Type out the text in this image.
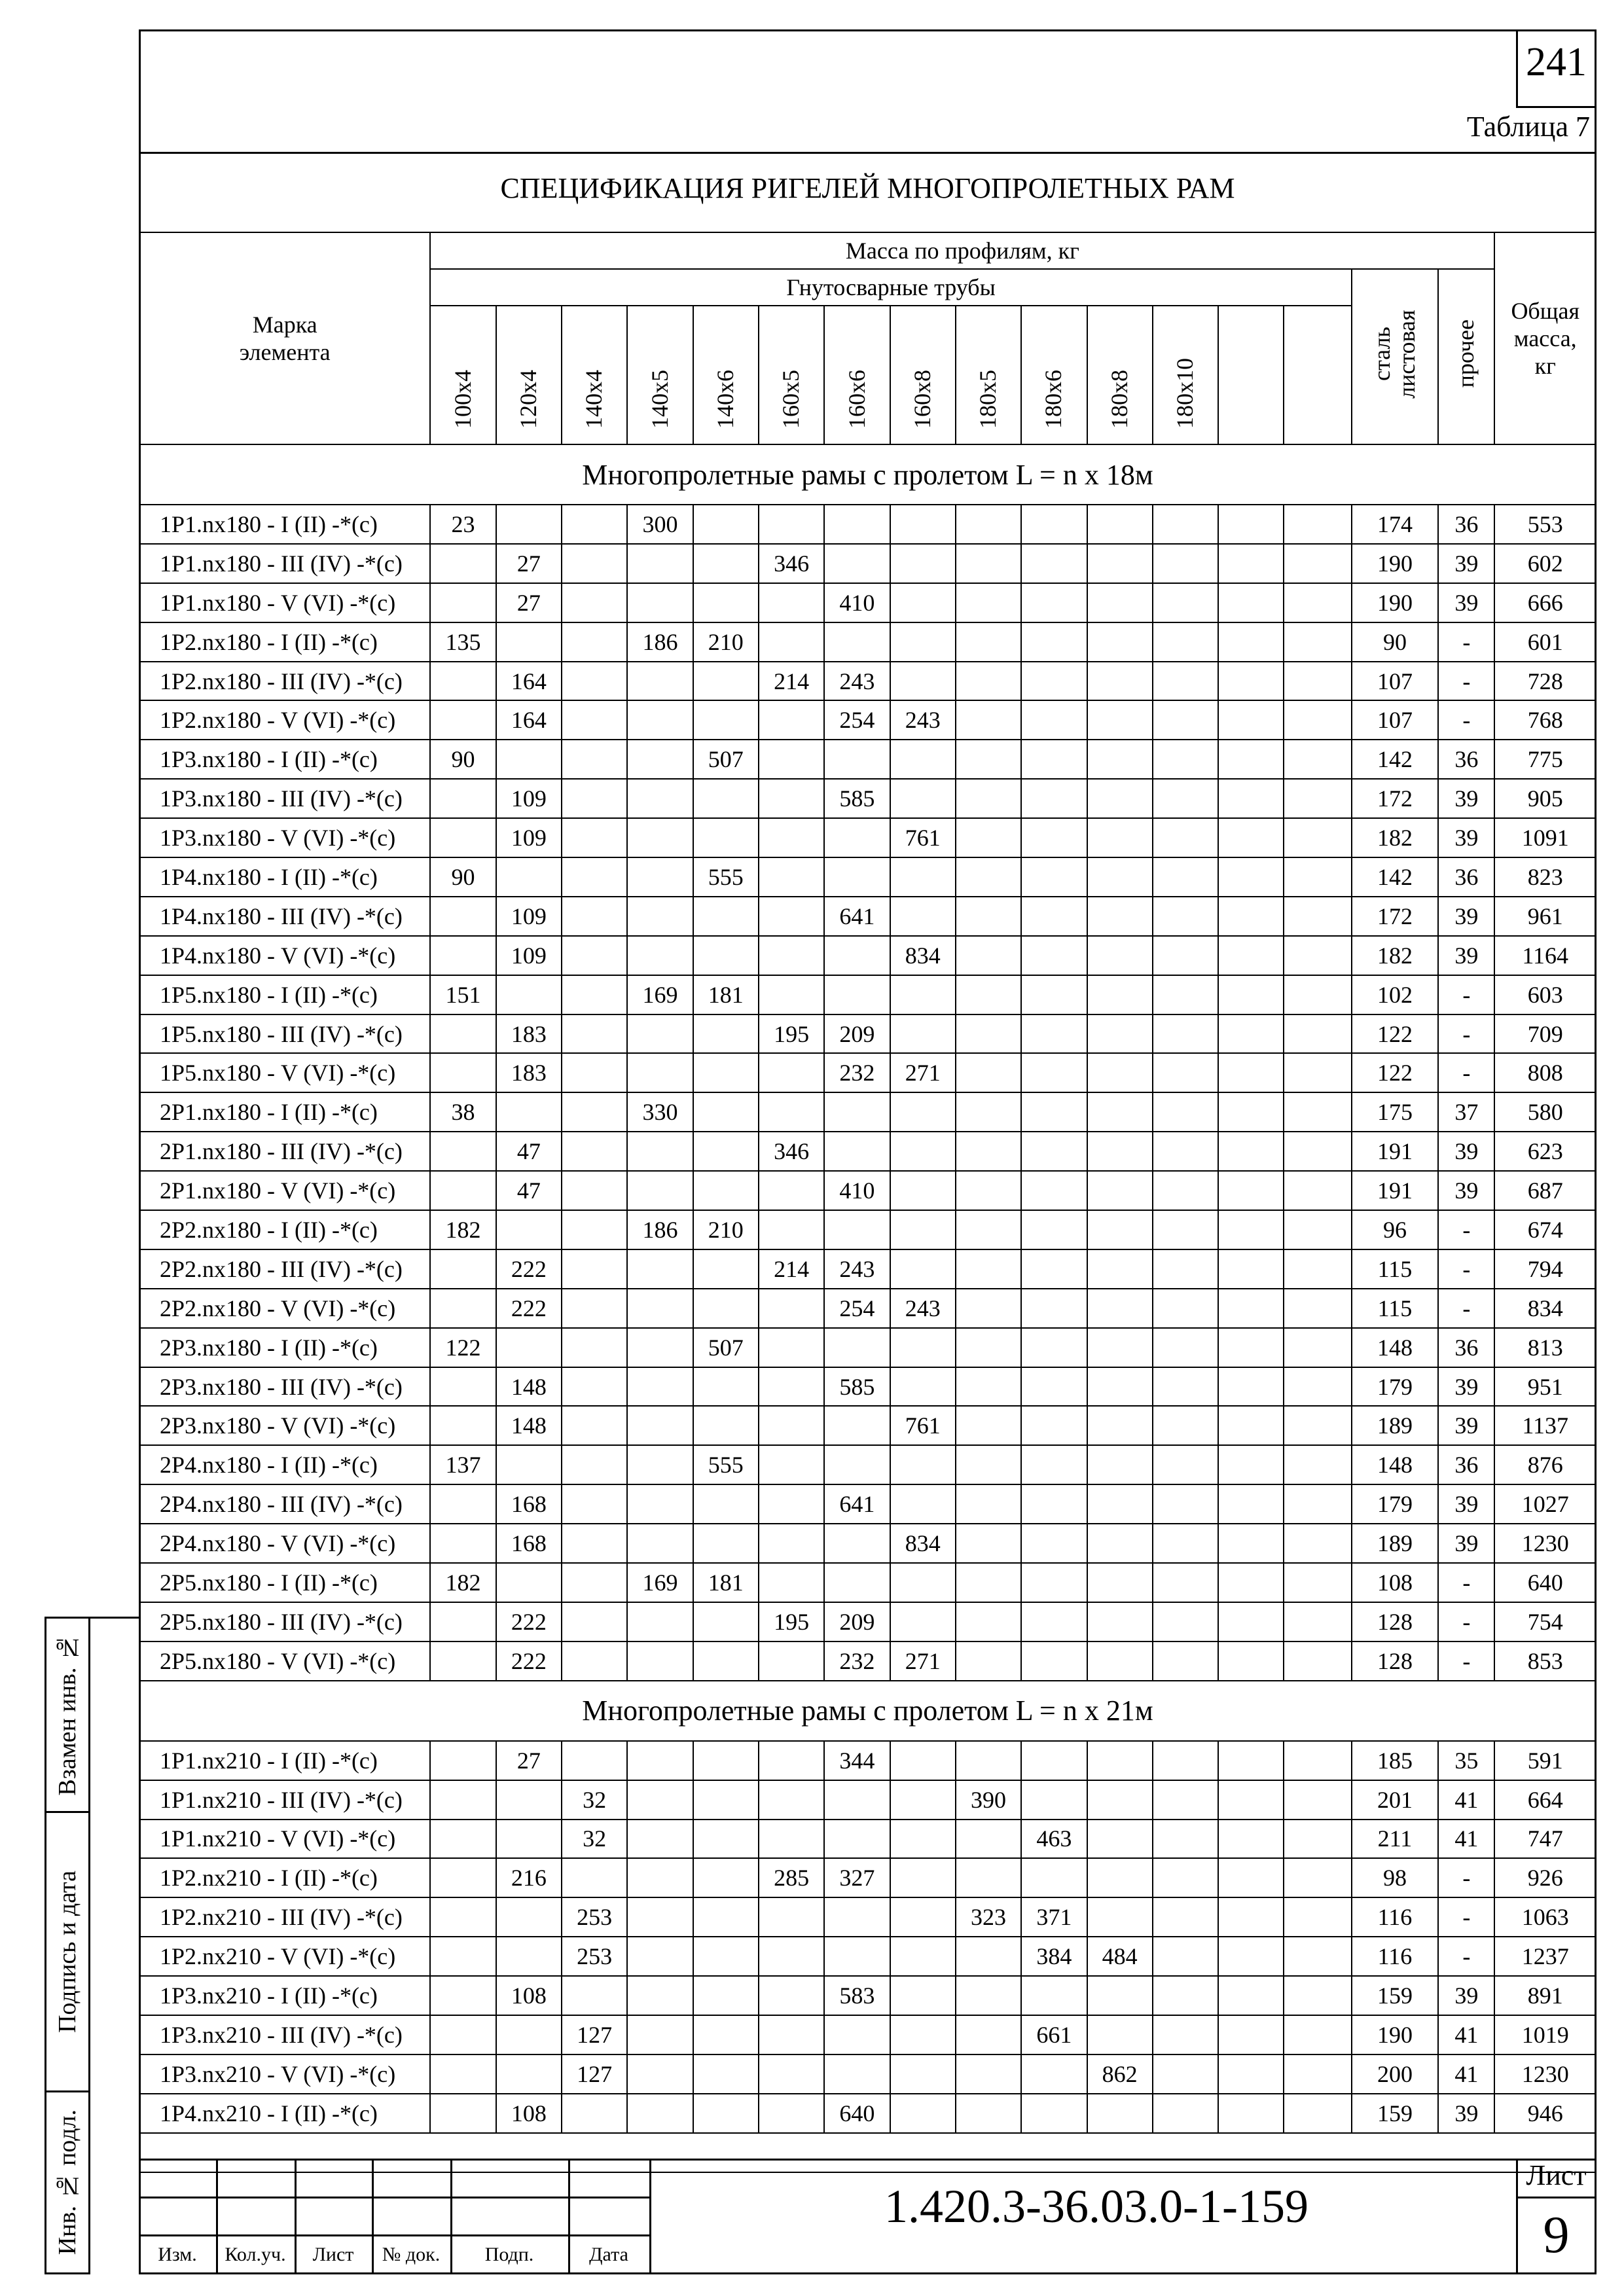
241
Таблица 7
СПЕЦИФИКАЦИЯ РИГЕЛЕЙ МНОГОПРОЛЕТНЫХ РАМ
Марка элемента	Масса по профилям, кг																Общая масса, кг
	Гнутосварные трубы														сталь листовая	прочее	
	100x4	120x4	140x4	140x5	140x6	160x5	160x6	160x8	180x5	180x6	180x8	180x10					
Многопролетные рамы с пролетом L = n x 18м																	
1Р1.nх180 - I (II) -*(с)	23			300											174	36	553
1Р1.nх180 - III (IV) -*(с)		27				346									190	39	602
1Р1.nх180 - V (VI) -*(с)		27					410								190	39	666
1Р2.nх180 - I (II) -*(с)	135			186	210										90	-	601
1Р2.nх180 - III (IV) -*(с)		164				214	243								107	-	728
1Р2.nх180 - V (VI) -*(с)		164					254	243							107	-	768
1Р3.nх180 - I (II) -*(с)	90				507										142	36	775
1Р3.nх180 - III (IV) -*(с)		109					585								172	39	905
1Р3.nх180 - V (VI) -*(с)		109						761							182	39	1091
1Р4.nх180 - I (II) -*(с)	90				555										142	36	823
1Р4.nх180 - III (IV) -*(с)		109					641								172	39	961
1Р4.nх180 - V (VI) -*(с)		109						834							182	39	1164
1Р5.nх180 - I (II) -*(с)	151			169	181										102	-	603
1Р5.nх180 - III (IV) -*(с)		183				195	209								122	-	709
1Р5.nх180 - V (VI) -*(с)		183					232	271							122	-	808
2Р1.nх180 - I (II) -*(с)	38			330											175	37	580
2Р1.nх180 - III (IV) -*(с)		47				346									191	39	623
2Р1.nх180 - V (VI) -*(с)		47					410								191	39	687
2Р2.nх180 - I (II) -*(с)	182			186	210										96	-	674
2Р2.nх180 - III (IV) -*(с)		222				214	243								115	-	794
2Р2.nх180 - V (VI) -*(с)		222					254	243							115	-	834
2Р3.nх180 - I (II) -*(с)	122				507										148	36	813
2Р3.nх180 - III (IV) -*(с)		148					585								179	39	951
2Р3.nх180 - V (VI) -*(с)		148						761							189	39	1137
2Р4.nх180 - I (II) -*(с)	137				555										148	36	876
2Р4.nх180 - III (IV) -*(с)		168					641								179	39	1027
2Р4.nх180 - V (VI) -*(с)		168						834							189	39	1230
2Р5.nх180 - I (II) -*(с)	182			169	181										108	-	640
2Р5.nх180 - III (IV) -*(с)		222				195	209								128	-	754
2Р5.nх180 - V (VI) -*(с)		222					232	271							128	-	853
Многопролетные рамы с пролетом L = n x 21м																	
1Р1.nх210 - I (II) -*(с)		27					344								185	35	591
1Р1.nх210 - III (IV) -*(с)			32						390						201	41	664
1Р1.nх210 - V (VI) -*(с)			32							463					211	41	747
1Р2.nх210 - I (II) -*(с)		216				285	327								98	-	926
1Р2.nх210 - III (IV) -*(с)			253						323	371					116	-	1063
1Р2.nх210 - V (VI) -*(с)			253							384	484				116	-	1237
1Р3.nх210 - I (II) -*(с)		108					583								159	39	891
1Р3.nх210 - III (IV) -*(с)			127							661					190	41	1019
1Р3.nх210 - V (VI) -*(с)			127								862				200	41	1230
1Р4.nх210 - I (II) -*(с)		108					640								159	39	946

Взамен инв. №
Подпись и дата
Инв. № подл.	Изм.	Кол.уч.	Лист	№ док.	Подп.	Дата
1.420.3-36.03.0-1-159
Лист
9
